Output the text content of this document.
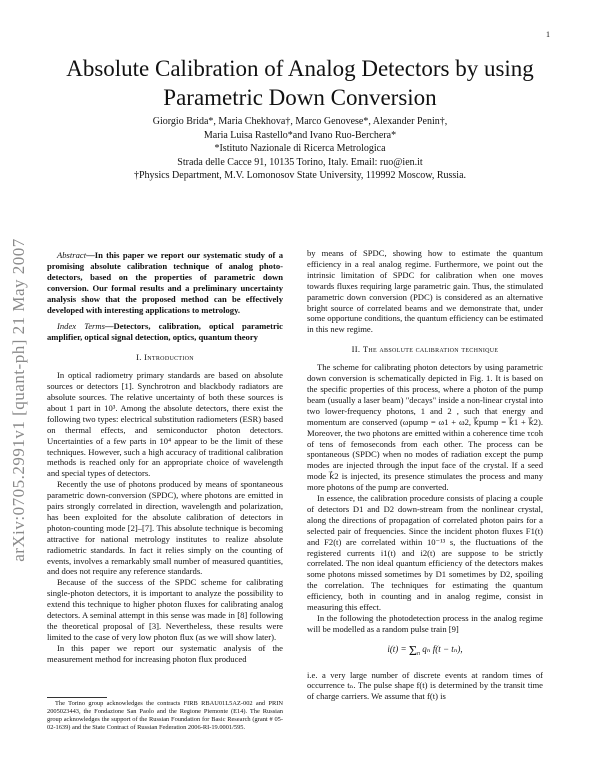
1
arXiv:0705.2991v1 [quant-ph] 21 May 2007
Absolute Calibration of Analog Detectors by using Parametric Down Conversion
Giorgio Brida*, Maria Chekhova†, Marco Genovese*, Alexander Penin†,
Maria Luisa Rastello*and Ivano Ruo-Berchera*
*Istituto Nazionale di Ricerca Metrologica
Strada delle Cacce 91, 10135 Torino, Italy. Email: ruo@ien.it
†Physics Department, M.V. Lomonosov State University, 119992 Moscow, Russia.

Abstract—In this paper we report our systematic study of a promising absolute calibration technique of analog photo-detectors, based on the properties of parametric down conversion. Our formal results and a preliminary uncertainty analysis show that the proposed method can be effectively developed with interesting applications to metrology.

Index Terms—Detectors, calibration, optical parametric amplifier, optical signal detection, optics, quantum theory

I. Introduction

In optical radiometry primary standards are based on absolute sources or detectors [1]. Synchrotron and blackbody radiators are absolute sources. The relative uncertainty of both these sources is about 1 part in 10³. Among the absolute detectors, there exist the following two types: electrical substitution radiometers (ESR) based on thermal effects, and semiconductor photon detectors. Uncertainties of a few parts in 10⁴ appear to be the limit of these techniques. However, such a high accuracy of traditional calibration methods is reached only for an appropriate choice of wavelength and special types of detectors.

Recently the use of photons produced by means of spontaneous parametric down-conversion (SPDC), where photons are emitted in pairs strongly correlated in direction, wavelength and polarization, has been exploited for the absolute calibration of detectors in photon-counting mode [2]–[7]. This absolute technique is becoming attractive for national metrology institutes to realize absolute radiometric standards. In fact it relies simply on the counting of events, involves a remarkably small number of measured quantities, and does not require any reference standards.

Because of the success of the SPDC scheme for calibrating single-photon detectors, it is important to analyze the possibility to extend this technique to higher photon fluxes for calibrating analog detectors. A seminal attempt in this sense was made in [8] following the theoretical proposal of [3]. Nevertheless, these results were limited to the case of very low photon flux (as we will show later).

In this paper we report our systematic analysis of the measurement method for increasing photon flux produced

by means of SPDC, showing how to estimate the quantum efficiency in a real analog regime. Furthermore, we point out the intrinsic limitation of SPDC for calibration when one moves towards fluxes requiring large parametric gain. Thus, the stimulated parametric down conversion (PDC) is considered as an alternative bright source of correlated beams and we demonstrate that, under some opportune conditions, the quantum efficiency can be estimated in this new regime.

II. The absolute calibration technique

The scheme for calibrating photon detectors by using parametric down conversion is schematically depicted in Fig. 1. It is based on the specific properties of this process, where a photon of the pump beam (usually a laser beam) "decays" inside a non-linear crystal into two lower-frequency photons, 1 and 2 , such that energy and momentum are conserved (ωpump = ω1 + ω2, k⃗pump = k⃗1 + k⃗2). Moreover, the two photons are emitted within a coherence time τcoh of tens of femoseconds from each other. The process can be spontaneous (SPDC) when no modes of radiation except the pump modes are injected through the input face of the crystal. If a seed mode k⃗2 is injected, its presence stimulates the process and many more photons of the pump are converted.

In essence, the calibration procedure consists of placing a couple of detectors D1 and D2 down-stream from the nonlinear crystal, along the directions of propagation of correlated photon pairs for a selected pair of frequencies. Since the incident photon fluxes F1(t) and F2(t) are correlated within 10⁻¹³ s, the fluctuations of the registered currents i1(t) and i2(t) are suppose to be strictly correlated. The non ideal quantum efficiency of the detectors makes some photons missed sometimes by D1 sometimes by D2, spoiling the correlation. The techniques for estimating the quantum efficiency, both in counting and in analog regime, consist in measuring this effect.

In the following the photodetection process in the analog regime will be modelled as a random pulse train [9]

$i(t) = \Sigma_n$ qₙ f(t − tₙ),

i.e. a very large number of discrete events at random times of occurrence tₙ. The pulse shape f(t) is determined by the transit time of charge carriers. We assume that f(t) is

The Torino group acknowledges the contracts FIRB RBAU01L5AZ-002 and PRIN 2005023443, the Fondazione San Paolo and the Regione Piemonte (E14). The Russian group acknowledges the support of the Russian Foundation for Basic Research (grant # 05-02-1639) and the State Contract of Russian Federation 2006-RI-19.0001/595.
